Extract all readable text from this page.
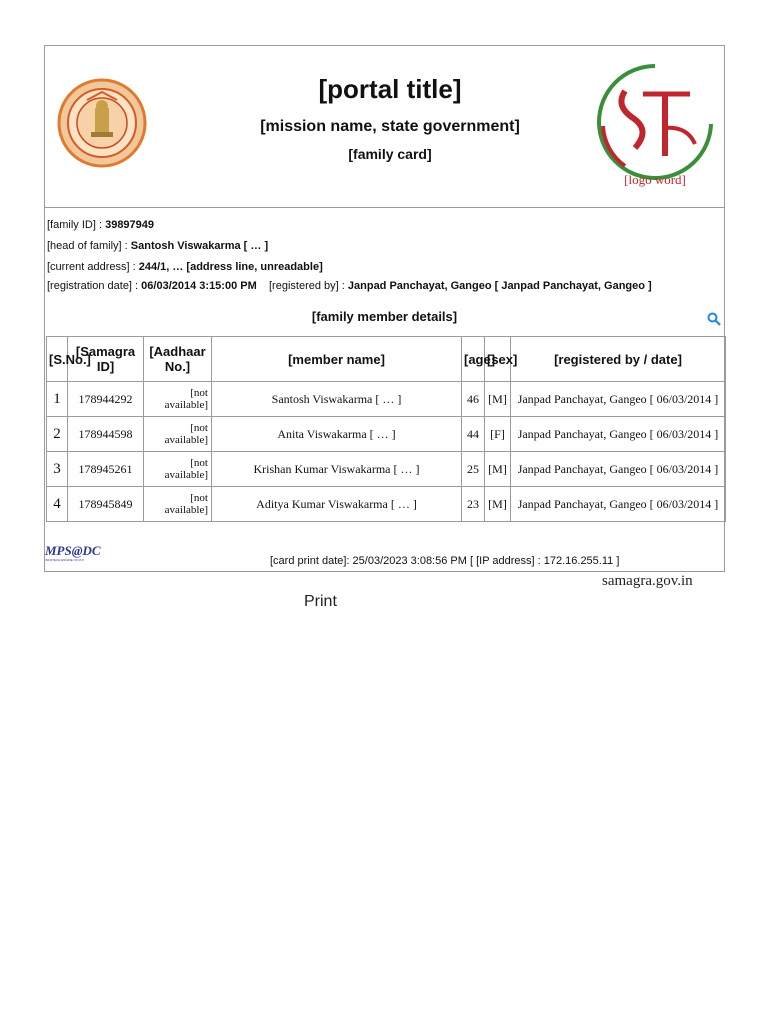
[portal title]
[mission name, state government]
[family card]
[logo word]
[family ID] : 39897949
[head of family] : Santosh Viswakarma [ … ]
[current address] : 244/1, … [address line, unreadable]
[registration date] : 06/03/2014 3:15:00 PM [registered by] : Janpad Panchayat, Gangeo [ Janpad Panchayat, Gangeo ]
[family member details]
[S.No.]	[Samagra ID]	[Aadhaar No.]	[member name]	[age]	[sex]	[registered by / date]
1	178944292	[not available]	Santosh Viswakarma [ … ]	46	[M]	Janpad Panchayat, Gangeo [ 06/03/2014 ]
2	178944598	[not available]	Anita Viswakarma [ … ]	44	[F]	Janpad Panchayat, Gangeo [ 06/03/2014 ]
3	178945261	[not available]	Krishan Kumar Viswakarma [ … ]	25	[M]	Janpad Panchayat, Gangeo [ 06/03/2014 ]
4	178945849	[not available]	Aditya Kumar Viswakarma [ … ]	23	[M]	Janpad Panchayat, Gangeo [ 06/03/2014 ]
MPS@DC
INFOTECH ENGINE OF M.P.	[card print date]: 25/03/2023 3:08:56 PM [ [IP address] : 172.16.255.11 ]
samagra.gov.in
Print
